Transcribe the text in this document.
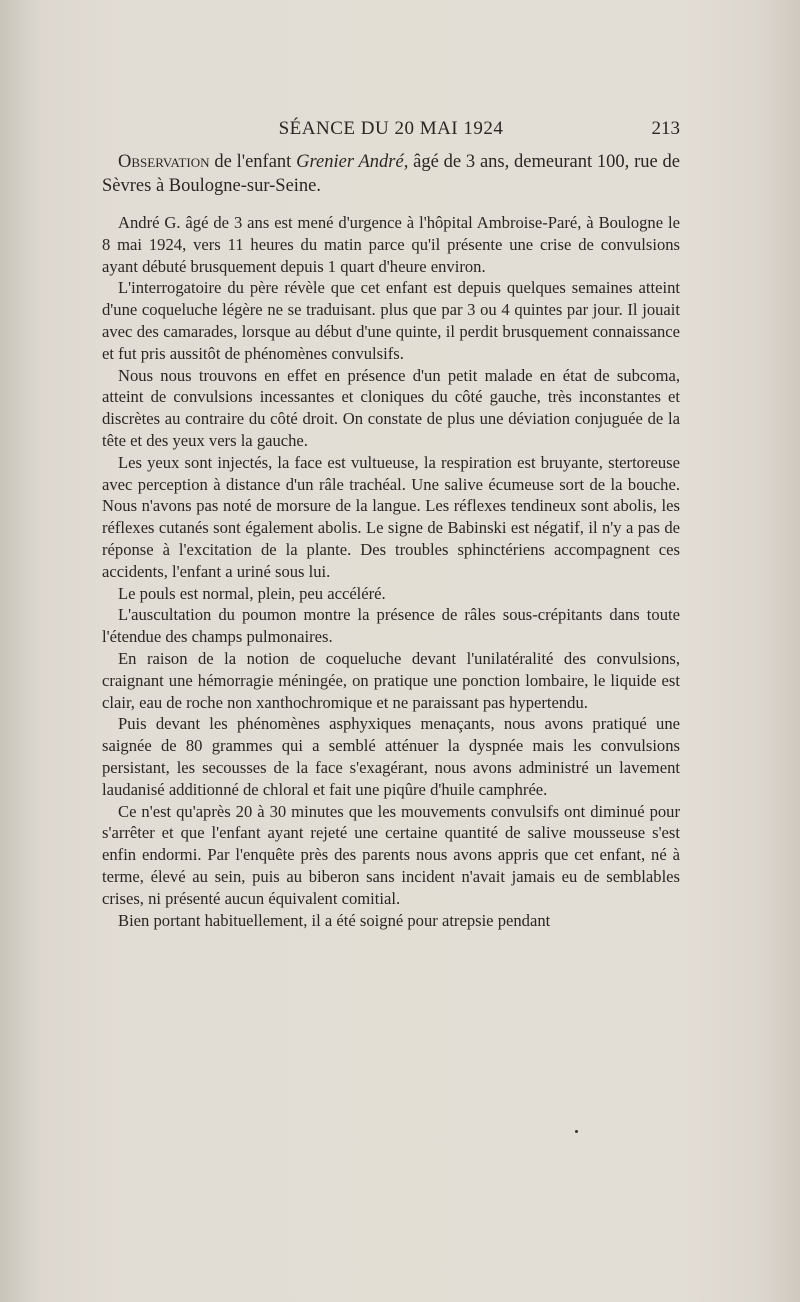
SÉANCE DU 20 MAI 1924	213

Observation de l'enfant Grenier André, âgé de 3 ans, demeurant 100, rue de Sèvres à Boulogne-sur-Seine.

André G. âgé de 3 ans est mené d'urgence à l'hôpital Ambroise-Paré, à Boulogne le 8 mai 1924, vers 11 heures du matin parce qu'il présente une crise de convulsions ayant débuté brusquement depuis 1 quart d'heure environ.

L'interrogatoire du père révèle que cet enfant est depuis quelques semaines atteint d'une coqueluche légère ne se traduisant. plus que par 3 ou 4 quintes par jour. Il jouait avec des camarades, lorsque au début d'une quinte, il perdit brusquement connaissance et fut pris aussitôt de phénomènes convulsifs.

Nous nous trouvons en effet en présence d'un petit malade en état de subcoma, atteint de convulsions incessantes et cloniques du côté gauche, très inconstantes et discrètes au contraire du côté droit. On constate de plus une déviation conjuguée de la tête et des yeux vers la gauche.

Les yeux sont injectés, la face est vultueuse, la respiration est bruyante, stertoreuse avec perception à distance d'un râle trachéal. Une salive écumeuse sort de la bouche. Nous n'avons pas noté de morsure de la langue. Les réflexes tendineux sont abolis, les réflexes cutanés sont également abolis. Le signe de Babinski est négatif, il n'y a pas de réponse à l'excitation de la plante. Des troubles sphinctériens accompagnent ces accidents, l'enfant a uriné sous lui.

Le pouls est normal, plein, peu accéléré.

L'auscultation du poumon montre la présence de râles sous-crépitants dans toute l'étendue des champs pulmonaires.

En raison de la notion de coqueluche devant l'unilatéralité des convulsions, craignant une hémorragie méningée, on pratique une ponction lombaire, le liquide est clair, eau de roche non xanthochromique et ne paraissant pas hypertendu.

Puis devant les phénomènes asphyxiques menaçants, nous avons pratiqué une saignée de 80 grammes qui a semblé atténuer la dyspnée mais les convulsions persistant, les secousses de la face s'exagérant, nous avons administré un lavement laudanisé additionné de chloral et fait une piqûre d'huile camphrée.

Ce n'est qu'après 20 à 30 minutes que les mouvements convulsifs ont diminué pour s'arrêter et que l'enfant ayant rejeté une certaine quantité de salive mousseuse s'est enfin endormi. Par l'enquête près des parents nous avons appris que cet enfant, né à terme, élevé au sein, puis au biberon sans incident n'avait jamais eu de semblables crises, ni présenté aucun équivalent comitial.

Bien portant habituellement, il a été soigné pour atrepsie pendant
